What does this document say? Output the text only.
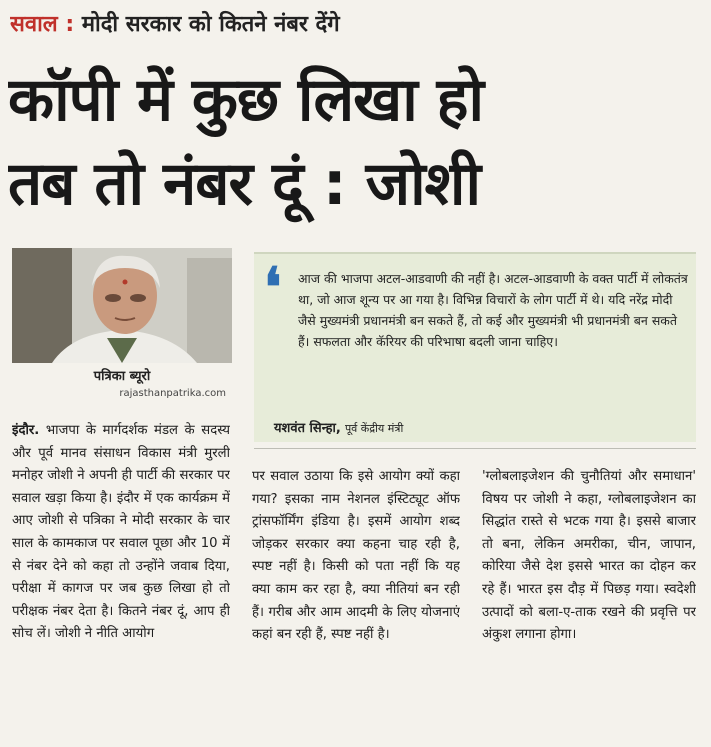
सवाल : मोदी सरकार को कितने नंबर देंगे
कॉपी में कुछ लिखा हो
तब तो नंबर दूं : जोशी
पत्रिका ब्यूरो
rajasthanpatrika.com
❛ आज की भाजपा अटल-आडवाणी की नहीं है। अटल-आडवाणी के वक्त पार्टी में लोकतंत्र था, जो आज शून्य पर आ गया है। विभिन्न विचारों के लोग पार्टी में थे। यदि नरेंद्र मोदी जैसे मुख्यमंत्री प्रधानमंत्री बन सकते हैं, तो कई और मुख्यमंत्री भी प्रधानमंत्री बन सकते हैं। सफलता और कॅरियर की परिभाषा बदली जाना चाहिए।
यशवंत सिन्हा, पूर्व केंद्रीय मंत्री
इंदौर. भाजपा के मार्गदर्शक मंडल के सदस्य और पूर्व मानव संसाधन विकास मंत्री मुरली मनोहर जोशी ने अपनी ही पार्टी की सरकार पर सवाल खड़ा किया है। इंदौर में एक कार्यक्रम में आए जोशी से पत्रिका ने मोदी सरकार के चार साल के कामकाज पर सवाल पूछा और 10 में से नंबर देने को कहा तो उन्होंने जवाब दिया, परीक्षा में कागज पर जब कुछ लिखा हो तो परीक्षक नंबर देता है। कितने नंबर दूं, आप ही सोच लें। जोशी ने नीति आयोग
पर सवाल उठाया कि इसे आयोग क्यों कहा गया? इसका नाम नेशनल इंस्टिट्यूट ऑफ ट्रांसफॉर्मिंग इंडिया है। इसमें आयोग शब्द जोड़कर सरकार क्या कहना चाह रही है, स्पष्ट नहीं है। किसी को पता नहीं कि यह क्या काम कर रहा है, क्या नीतियां बन रही हैं। गरीब और आम आदमी के लिए योजनाएं कहां बन रही हैं, स्पष्ट नहीं है।
'ग्लोबलाइजेशन की चुनौतियां और समाधान' विषय पर जोशी ने कहा, ग्लोबलाइजेशन का सिद्धांत रास्ते से भटक गया है। इससे बाजार तो बना, लेकिन अमरीका, चीन, जापान, कोरिया जैसे देश इससे भारत का दोहन कर रहे हैं। भारत इस दौड़ में पिछड़ गया। स्वदेशी उत्पादों को बला-ए-ताक रखने की प्रवृत्ति पर अंकुश लगाना होगा।
